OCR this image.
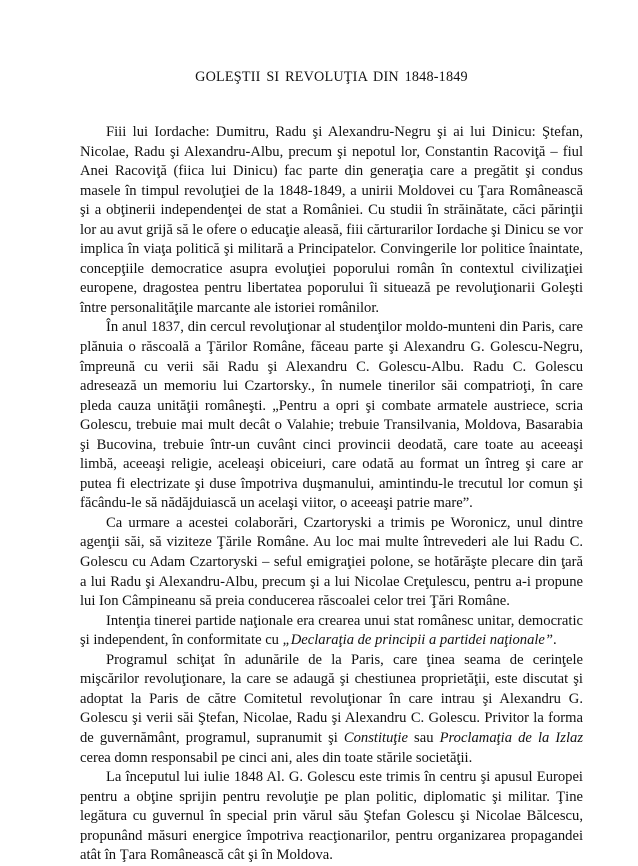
GOLEŞTII SI REVOLUŢIA DIN 1848-1849

Fiii lui Iordache: Dumitru, Radu şi Alexandru-Negru şi ai lui Dinicu: Ştefan, Nicolae, Radu şi Alexandru-Albu, precum şi nepotul lor, Constantin Racoviţă – fiul Anei Racoviţă (fiica lui Dinicu) fac parte din generaţia care a pregătit şi condus masele în timpul revoluţiei de la 1848-1849, a unirii Moldovei cu Ţara Românească şi a obţinerii independenţei de stat a României. Cu studii în străinătate, căci părinţii lor au avut grijă să le ofere o educaţie aleasă, fiii cărturarilor Iordache şi Dinicu se vor implica în viaţa politică şi militară a Principatelor. Convingerile lor politice înaintate, concepţiile democratice asupra evoluţiei poporului român în contextul civilizaţiei europene, dragostea pentru libertatea poporului îi situează pe revoluţionarii Goleşti între personalităţile marcante ale istoriei românilor.

În anul 1837, din cercul revoluţionar al studenţilor moldo-munteni din Paris, care plănuia o răscoală a Ţărilor Române, făceau parte şi Alexandru G. Golescu-Negru, împreună cu verii săi Radu şi Alexandru C. Golescu-Albu. Radu C. Golescu adresează un memoriu lui Czartorsky., în numele tinerilor săi compatrioţi, în care pleda cauza unităţii româneşti. „Pentru a opri şi combate armatele austriece, scria Golescu, trebuie mai mult decât o Valahie; trebuie Transilvania, Moldova, Basarabia şi Bucovina, trebuie într-un cuvânt cinci provincii deodată, care toate au aceeaşi limbă, aceeaşi religie, aceleaşi obiceiuri, care odată au format un întreg şi care ar putea fi electrizate şi duse împotriva duşmanului, amintindu-le trecutul lor comun şi făcându-le să nădăjduiască un acelaşi viitor, o aceeaşi patrie mare”.

Ca urmare a acestei colaborări, Czartoryski a trimis pe Woronicz, unul dintre agenţii săi, să viziteze Ţările Române. Au loc mai multe întrevederi ale lui Radu C. Golescu cu Adam Czartoryski – seful emigraţiei polone, se hotărăşte plecare din ţară a lui Radu şi Alexandru-Albu, precum şi a lui Nicolae Creţulescu, pentru a-i propune lui Ion Câmpineanu să preia conducerea răscoalei celor trei Ţări Române.

Intenţia tinerei partide naţionale era crearea unui stat românesc unitar, democratic şi independent, în conformitate cu „Declaraţia de principii a partidei naţionale”.

Programul schiţat în adunările de la Paris, care ţinea seama de cerinţele mişcărilor revoluţionare, la care se adaugă şi chestiunea proprietăţii, este discutat şi adoptat la Paris de către Comitetul revoluţionar în care intrau şi Alexandru G. Golescu şi verii săi Ştefan, Nicolae, Radu şi Alexandru C. Golescu. Privitor la forma de guvernământ, programul, supranumit şi Constituţie sau Proclamaţia de la Izlaz cerea domn responsabil pe cinci ani, ales din toate stările societăţii.

La începutul lui iulie 1848 Al. G. Golescu este trimis în centru şi apusul Europei pentru a obţine sprijin pentru revoluţie pe plan politic, diplomatic şi militar. Ţine legătura cu guvernul în special prin vărul său Ştefan Golescu şi Nicolae Bălcescu, propunând măsuri energice împotriva reacţionarilor, pentru organizarea propagandei atât în Ţara Românească cât şi în Moldova.
